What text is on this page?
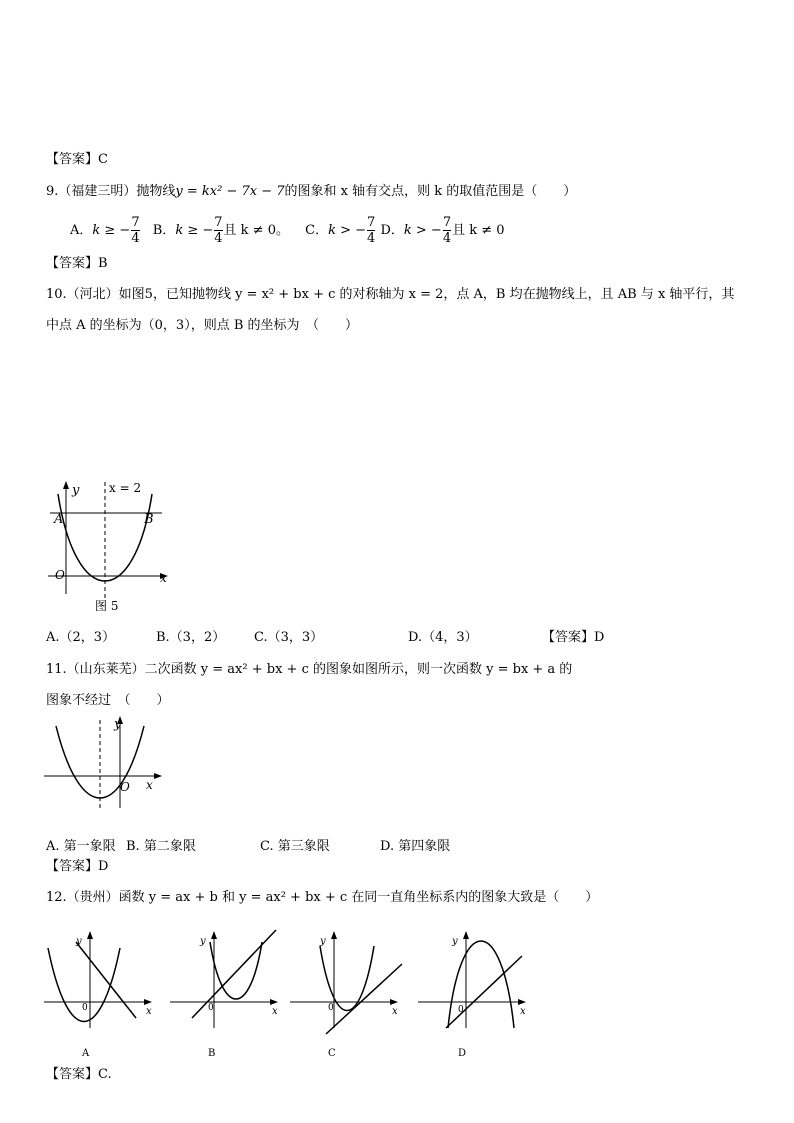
【答案】C
9.（福建三明）抛物线y = kx² − 7x − 7的图象和 x 轴有交点，则 k 的取值范围是（　　）
A．k ≥ − $\frac{7}{4}$ B．k ≥ − $\frac{7}{4}$ 且 k ≠ 0。 C．k > − $\frac{7}{4}$ D．k > − $\frac{7}{4}$ 且 k ≠ 0
【答案】B
10.（河北）如图5，已知抛物线 y = x² + bx + c 的对称轴为 x = 2，点 A，B 均在抛物线上，且 AB 与 x 轴平行，其
中点 A 的坐标为（0，3），则点 B 的坐标为　（　　）
y x = 2
A	B
O	x
图 5
A.（2，3）	B.（3，2） C.（3，3）	D.（4，3）	【答案】D
11.（山东莱芜）二次函数 y = ax² + bx + c 的图象如图所示，则一次函数 y = bx + a 的
图象不经过　（　　）
y
O x
A. 第一象限 B. 第二象限	C. 第三象限	D. 第四象限
【答案】D
12.（贵州）函数 y = ax + b 和 y = ax² + bx + c 在同一直角坐标系内的图象大致是（　　）
y
0	x
A
y
0	x
B
y
0	x
C
y
0	x
D
【答案】C.
